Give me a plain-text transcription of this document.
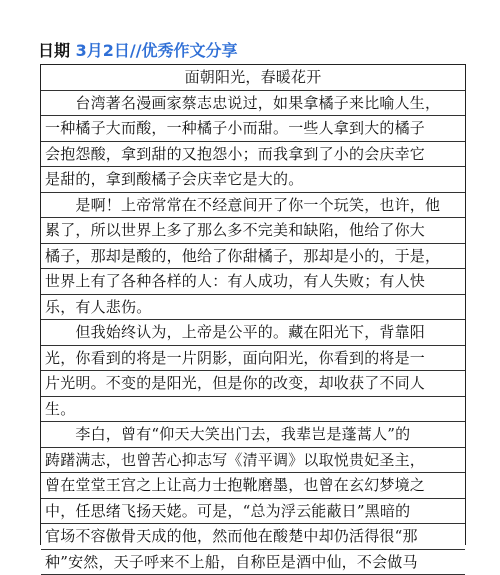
日期 3月2日//优秀作文分享
面朝阳光，春暖花开
　　台湾著名漫画家蔡志忠说过，如果拿橘子来比喻人生，
一种橘子大而酸，一种橘子小而甜。一些人拿到大的橘子
会抱怨酸，拿到甜的又抱怨小；而我拿到了小的会庆幸它
是甜的，拿到酸橘子会庆幸它是大的。
　　是啊！上帝常常在不经意间开了你一个玩笑，也许，他
累了，所以世界上多了那么多不完美和缺陷，他给了你大
橘子，那却是酸的，他给了你甜橘子，那却是小的，于是，
世界上有了各种各样的人：有人成功，有人失败；有人快
乐，有人悲伤。
　　但我始终认为，上帝是公平的。藏在阳光下，背靠阳
光，你看到的将是一片阴影，面向阳光，你看到的将是一
片光明。不变的是阳光，但是你的改变，却收获了不同人
生。
　　李白，曾有“仰天大笑出门去，我辈岂是蓬蒿人”的
踌躇满志，也曾苦心抑志写《清平调》以取悦贵妃圣主，
曾在堂堂王宫之上让高力士抱靴磨墨，也曾在玄幻梦境之
中，任思绪飞扬天姥。可是，“总为浮云能蔽日”黑暗的
官场不容傲骨天成的他，然而他在酸楚中却仍活得很“那
种”安然，天子呼来不上船，自称臣是酒中仙，不会做马
